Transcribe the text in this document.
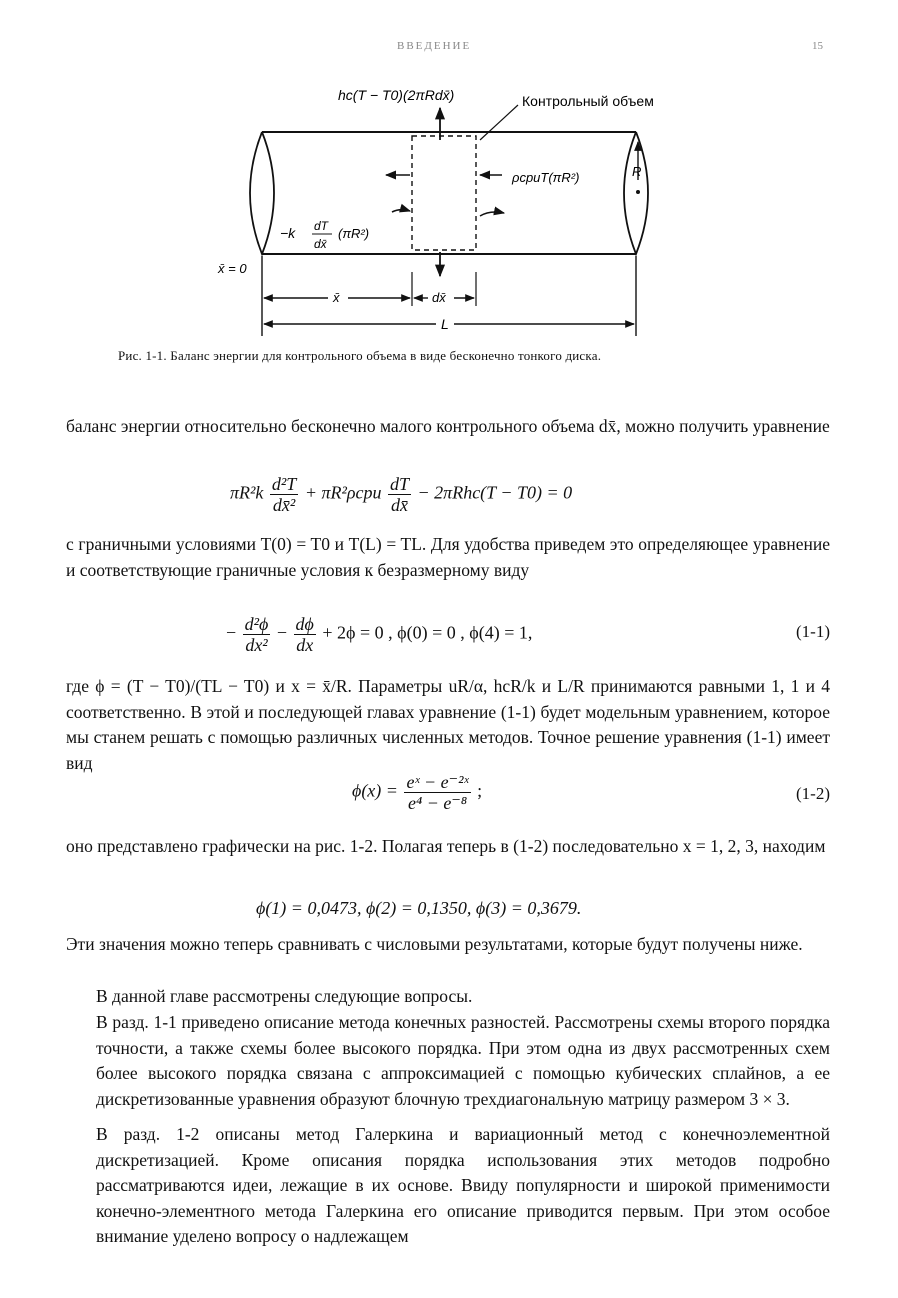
ВВЕДЕНИЕ	15
hc(T − T0)(2πRdx̄)	Контрольный объем
ρcpuT(πR²)
−k dT
dx̄
(πR²)
R
x̄ = 0
x̄	dx̄
L
Рис. 1-1. Баланс энергии для контрольного объема в виде бесконечно тонкого диска.
баланс энергии относительно бесконечно малого контрольного объема dx̄, можно получить уравнение
$\pi R^2k \frac{\text{d²T}}{\text{dx̄²}} + \pi R^2\rho cpu \frac{dT}{dx̄} - 2\pi Rhc(T - T0) = 0$
с граничными условиями T(0) = T0 и T(L) = TL. Для удобства приведем это определяющее уравнение и соответствующие граничные условия к безразмерному виду
− $\frac{\text{d²ϕ}}{\text{dx²}} - \frac{d\phi}{dx} + 2\phi = 0$ , ϕ(0) = 0 , ϕ(4) = 1,	(1-1)
где ϕ = (T − T0)/(TL − T0) и x = x̄/R. Параметры uR/α, hcR/k и L/R принимаются равными 1, 1 и 4 соответственно. В этой и последующей главах уравнение (1-1) будет модельным уравнением, которое мы станем решать с помощью различных численных методов. Точное решение уравнения (1-1) имеет вид
$\phi(x) = \frac{\text{eˣ − e⁻²ˣ}}{\text{e⁴ − e⁻⁸}}$ ;	(1-2)
оно представлено графически на рис. 1-2. Полагая теперь в (1-2) последовательно x = 1, 2, 3, находим
ϕ(1) = 0,0473, ϕ(2) = 0,1350, ϕ(3) = 0,3679.
Эти значения можно теперь сравнивать с числовыми результатами, которые будут получены ниже.
В данной главе рассмотрены следующие вопросы.
В разд. 1-1 приведено описание метода конечных разностей. Рассмотрены схемы второго порядка точности, а также схемы более высокого порядка. При этом одна из двух рассмотренных схем более высокого порядка связана с аппроксимацией с помощью кубических сплайнов, а ее дискретизованные уравнения образуют блочную трехдиагональную матрицу размером 3 × 3.
В разд. 1-2 описаны метод Галеркина и вариационный метод с конечноэлементной дискретизацией. Кроме описания порядка использования этих методов подробно рассматриваются идеи, лежащие в их основе. Ввиду популярности и широкой применимости конечно-элементного метода Галеркина его описание приводится первым. При этом особое внимание уделено вопросу о надлежащем
